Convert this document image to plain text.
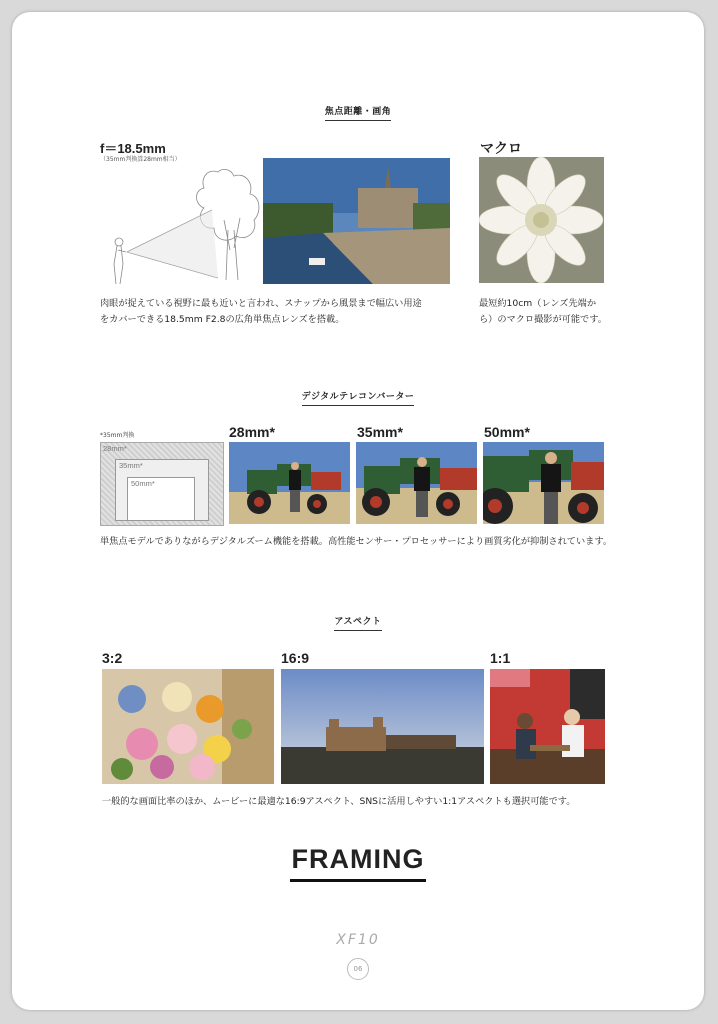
焦点距離・画角
f＝18.5mm
（35mm判換算28mm相当）
マクロ
肉眼が捉えている視野に最も近いと言われ、スナップから風景まで幅広い用途
をカバーできる18.5mm F2.8の広角単焦点レンズを搭載。
最短約10cm（レンズ先端か
ら）のマクロ撮影が可能です。
デジタルテレコンバーター
*35mm判換
28mm*
35mm*
50mm*
28mm*	35mm*	50mm*
単焦点モデルでありながらデジタルズーム機能を搭載。高性能センサー・プロセッサーにより画質劣化が抑制されています。
アスペクト
3:2	16:9	1:1
一般的な画面比率のほか、ムービーに最適な16:9アスペクト、SNSに活用しやすい1:1アスペクトも選択可能です。
FRAMING
XF10
06
